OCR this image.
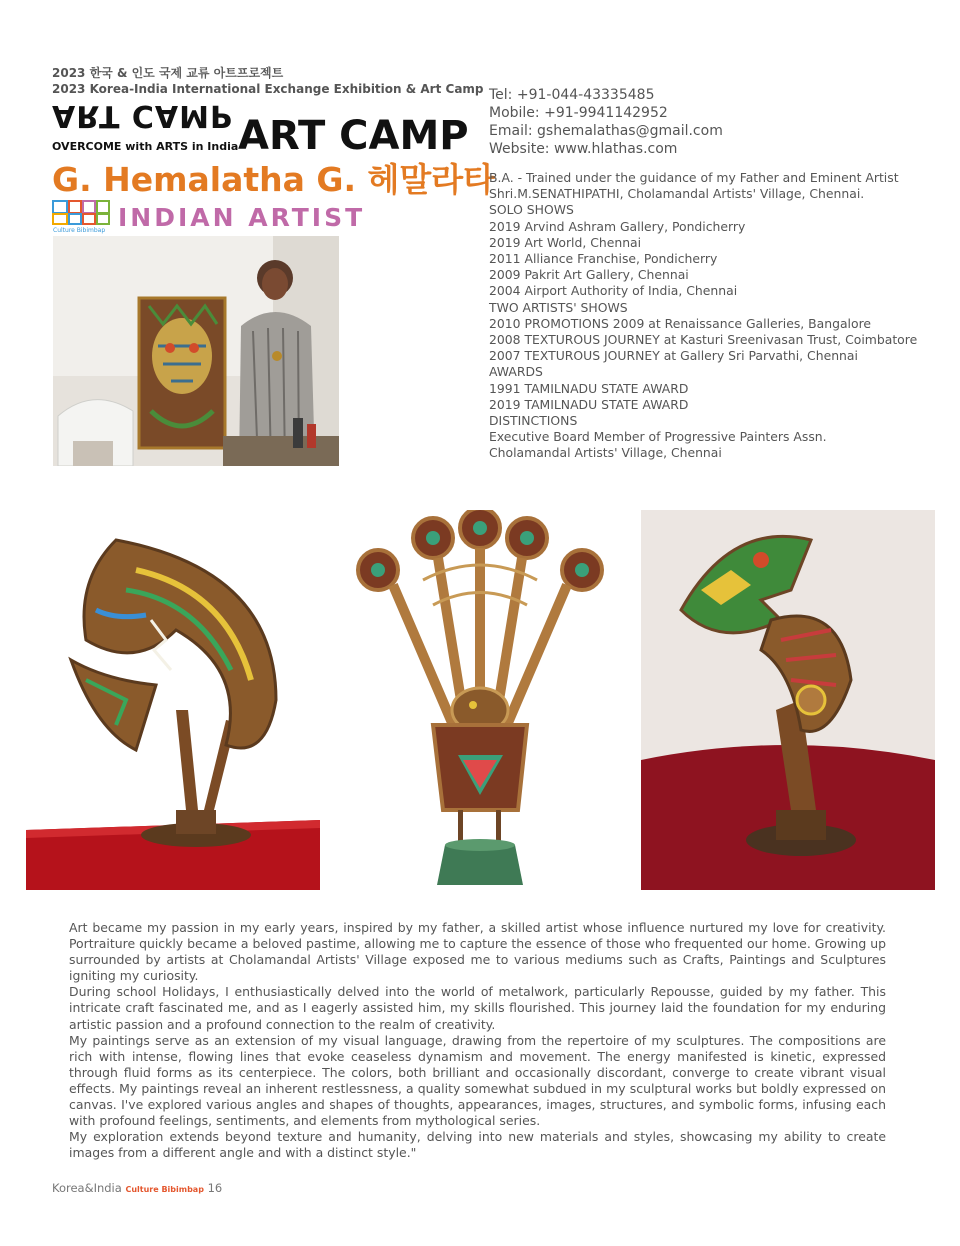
2023 한국 & 인도 국제 교류 아트프로젝트
2023 Korea-India International Exchange Exhibition & Art Camp
ART CAMP
OVERCOME with ARTS in India ART CAMP
G. Hemalatha G. 헤말라타
Culture Bibimbap INDIAN ARTIST
Tel: +91-044-43335485
Mobile: +91-9941142952
Email: gshemalathas@gmail.com
Website: www.hlathas.com
B.A. - Trained under the guidance of my Father and Eminent Artist
Shri.M.SENATHIPATHI, Cholamandal Artists' Village, Chennai.
SOLO SHOWS
2019 Arvind Ashram Gallery, Pondicherry
2019 Art World, Chennai
2011 Alliance Franchise, Pondicherry
2009 Pakrit Art Gallery, Chennai
2004 Airport Authority of India, Chennai
TWO ARTISTS' SHOWS
2010 PROMOTIONS 2009 at Renaissance Galleries, Bangalore
2008 TEXTUROUS JOURNEY at Kasturi Sreenivasan Trust, Coimbatore
2007 TEXTUROUS JOURNEY at Gallery Sri Parvathi, Chennai
AWARDS
1991 TAMILNADU STATE AWARD
2019 TAMILNADU STATE AWARD
DISTINCTIONS
Executive Board Member of Progressive Painters Assn.
Cholamandal Artists' Village, Chennai

Art became my passion in my early years, inspired by my father, a skilled artist whose influence nurtured my love for creativity. Portraiture quickly became a beloved pastime, allowing me to capture the essence of those who frequented our home. Growing up surrounded by artists at Cholamandal Artists' Village exposed me to various mediums such as Crafts, Paintings and Sculptures igniting my curiosity.

During school Holidays, I enthusiastically delved into the world of metalwork, particularly Repousse, guided by my father. This intricate craft fascinated me, and as I eagerly assisted him, my skills flourished. This journey laid the foundation for my enduring artistic passion and a profound connection to the realm of creativity.

My paintings serve as an extension of my visual language, drawing from the repertoire of my sculptures. The compositions are rich with intense, flowing lines that evoke ceaseless dynamism and movement. The energy manifested is kinetic, expressed through fluid forms as its centerpiece. The colors, both brilliant and occasionally discordant, converge to create vibrant visual effects. My paintings reveal an inherent restlessness, a quality somewhat subdued in my sculptural works but boldly expressed on canvas. I've explored various angles and shapes of thoughts, appearances, images, structures, and symbolic forms, infusing each with profound feelings, sentiments, and elements from mythological series.

My exploration extends beyond texture and humanity, delving into new materials and styles, showcasing my ability to create images from a different angle and with a distinct style."

Korea&India Culture Bibimbap 16
